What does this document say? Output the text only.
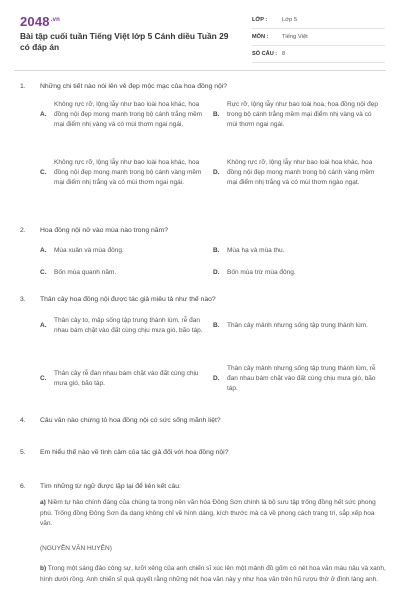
$2048^{.vn}$
Bài tập cuối tuần Tiếng Việt lớp 5 Cánh diều Tuần 29 có đáp án
LỚP :	Lớp 5
MÔN :	Tiếng Việt
SỐ CÂU : 8
1. Những chi tiết nào nói lên vẻ đẹp mộc mạc của hoa đồng nội?
A.
Không rực rỡ, lộng lẫy như bao loài hoa khác, hoa đồng nội đẹp mong manh trong bộ cánh trắng mềm mại điểm nhị vàng và có mùi thơm ngai ngái.
B.
Rực rỡ, lộng lẫy như bao loài hoa, hoa đồng nội đẹp trong bộ cánh trắng mềm mại điểm nhị vàng và có mùi thơm ngai ngái.
C.
Không rực rỡ, lộng lẫy như bao loài hoa khác, hoa đồng nội đẹp mong manh trong bộ cánh vàng mềm mại điểm nhị trắng và có mùi thơm ngai ngái.
D.
Không rực rỡ, lộng lẫy như bao loài hoa khác, hoa đồng nội đẹp mong manh trong bộ cánh vàng mềm mại điểm nhị trắng và có mùi thơm ngào ngạt.
2. Hoa đồng nội nở vào mùa nào trong năm?
A. Mùa xuân và mùa đông.	B. Mùa hạ và mùa thu.
C. Bốn mùa quanh năm.	D. Bốn mùa trừ mùa đông.
3. Thân cây hoa đồng nội được tác giả miêu tả như thế nào?
A.
Thân cây to, mập sống tập trung thành lùm, rễ đan nhau bám chặt vào đất cùng chịu mưa gió, bão táp.
B. Thân cây mảnh nhưng sống tập trung thành lùm.
C.
Thân cây rễ đan nhau bám chặt vào đất cùng chịu mưa gió, bão táp.
D.
Thân cây mảnh nhưng sống tập trung thành lùm, rễ đan nhau bám chặt vào đất cùng chịu mưa gió, bão táp.
4. Câu văn nào chứng tỏ hoa đồng nội có sức sống mãnh liệt?
5. Em hiểu thế nào về tình cảm của tác giả đối với hoa đồng nội?
6. Tìm những từ ngữ được lặp lại để liên kết câu:
a) Niềm tự hào chính đáng của chúng ta trong nền văn hóa Đông Sơn chính là bộ sưu tập trống đồng hết sức phong phú. Trống đồng Đông Sơn đa dạng không chỉ về hình dáng, kích thước mà cả về phong cách trang trí, sắp xếp hoa văn.
(NGUYỄN VĂN HUYÊN)
b) Trong một sáng đảo công sự, lưỡi xẻng của anh chiến sĩ xúc lên một mảnh đồ gốm có nét hoa văn màu nâu và xanh, hình dưới rồng. Anh chiến sĩ quả quyết rằng những nét hoa văn này y như hoa văn trên hũ rượu thờ ở đình làng anh.
